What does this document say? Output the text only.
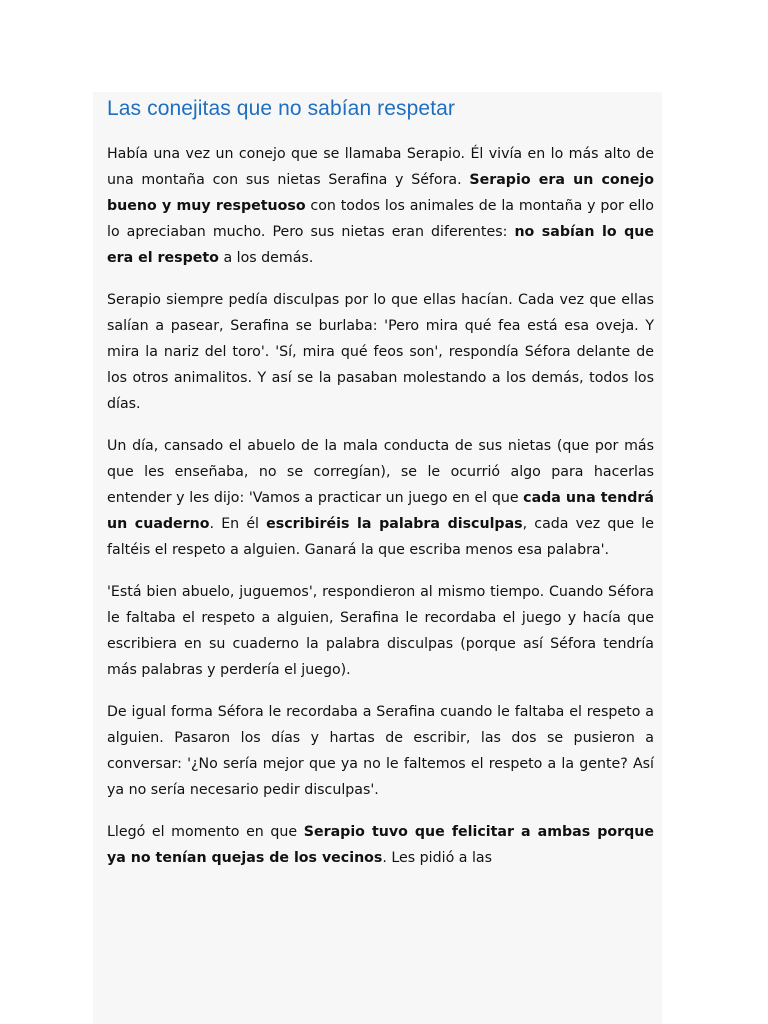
Las conejitas que no sabían respetar

Había una vez un conejo que se llamaba Serapio. Él vivía en lo más alto de una montaña con sus nietas Serafina y Séfora. Serapio era un conejo bueno y muy respetuoso con todos los animales de la montaña y por ello lo apreciaban mucho. Pero sus nietas eran diferentes: no sabían lo que era el respeto a los demás.

Serapio siempre pedía disculpas por lo que ellas hacían. Cada vez que ellas salían a pasear, Serafina se burlaba: 'Pero mira qué fea está esa oveja. Y mira la nariz del toro'. 'Sí, mira qué feos son', respondía Séfora delante de los otros animalitos. Y así se la pasaban molestando a los demás, todos los días.

Un día, cansado el abuelo de la mala conducta de sus nietas (que por más que les enseñaba, no se corregían), se le ocurrió algo para hacerlas entender y les dijo: 'Vamos a practicar un juego en el que cada una tendrá un cuaderno. En él escribiréis la palabra disculpas, cada vez que le faltéis el respeto a alguien. Ganará la que escriba menos esa palabra'.

'Está bien abuelo, juguemos', respondieron al mismo tiempo. Cuando Séfora le faltaba el respeto a alguien, Serafina le recordaba el juego y hacía que escribiera en su cuaderno la palabra disculpas (porque así Séfora tendría más palabras y perdería el juego).

De igual forma Séfora le recordaba a Serafina cuando le faltaba el respeto a alguien. Pasaron los días y hartas de escribir, las dos se pusieron a conversar: '¿No sería mejor que ya no le faltemos el respeto a la gente? Así ya no sería necesario pedir disculpas'.

Llegó el momento en que Serapio tuvo que felicitar a ambas porque ya no tenían quejas de los vecinos. Les pidió a las
